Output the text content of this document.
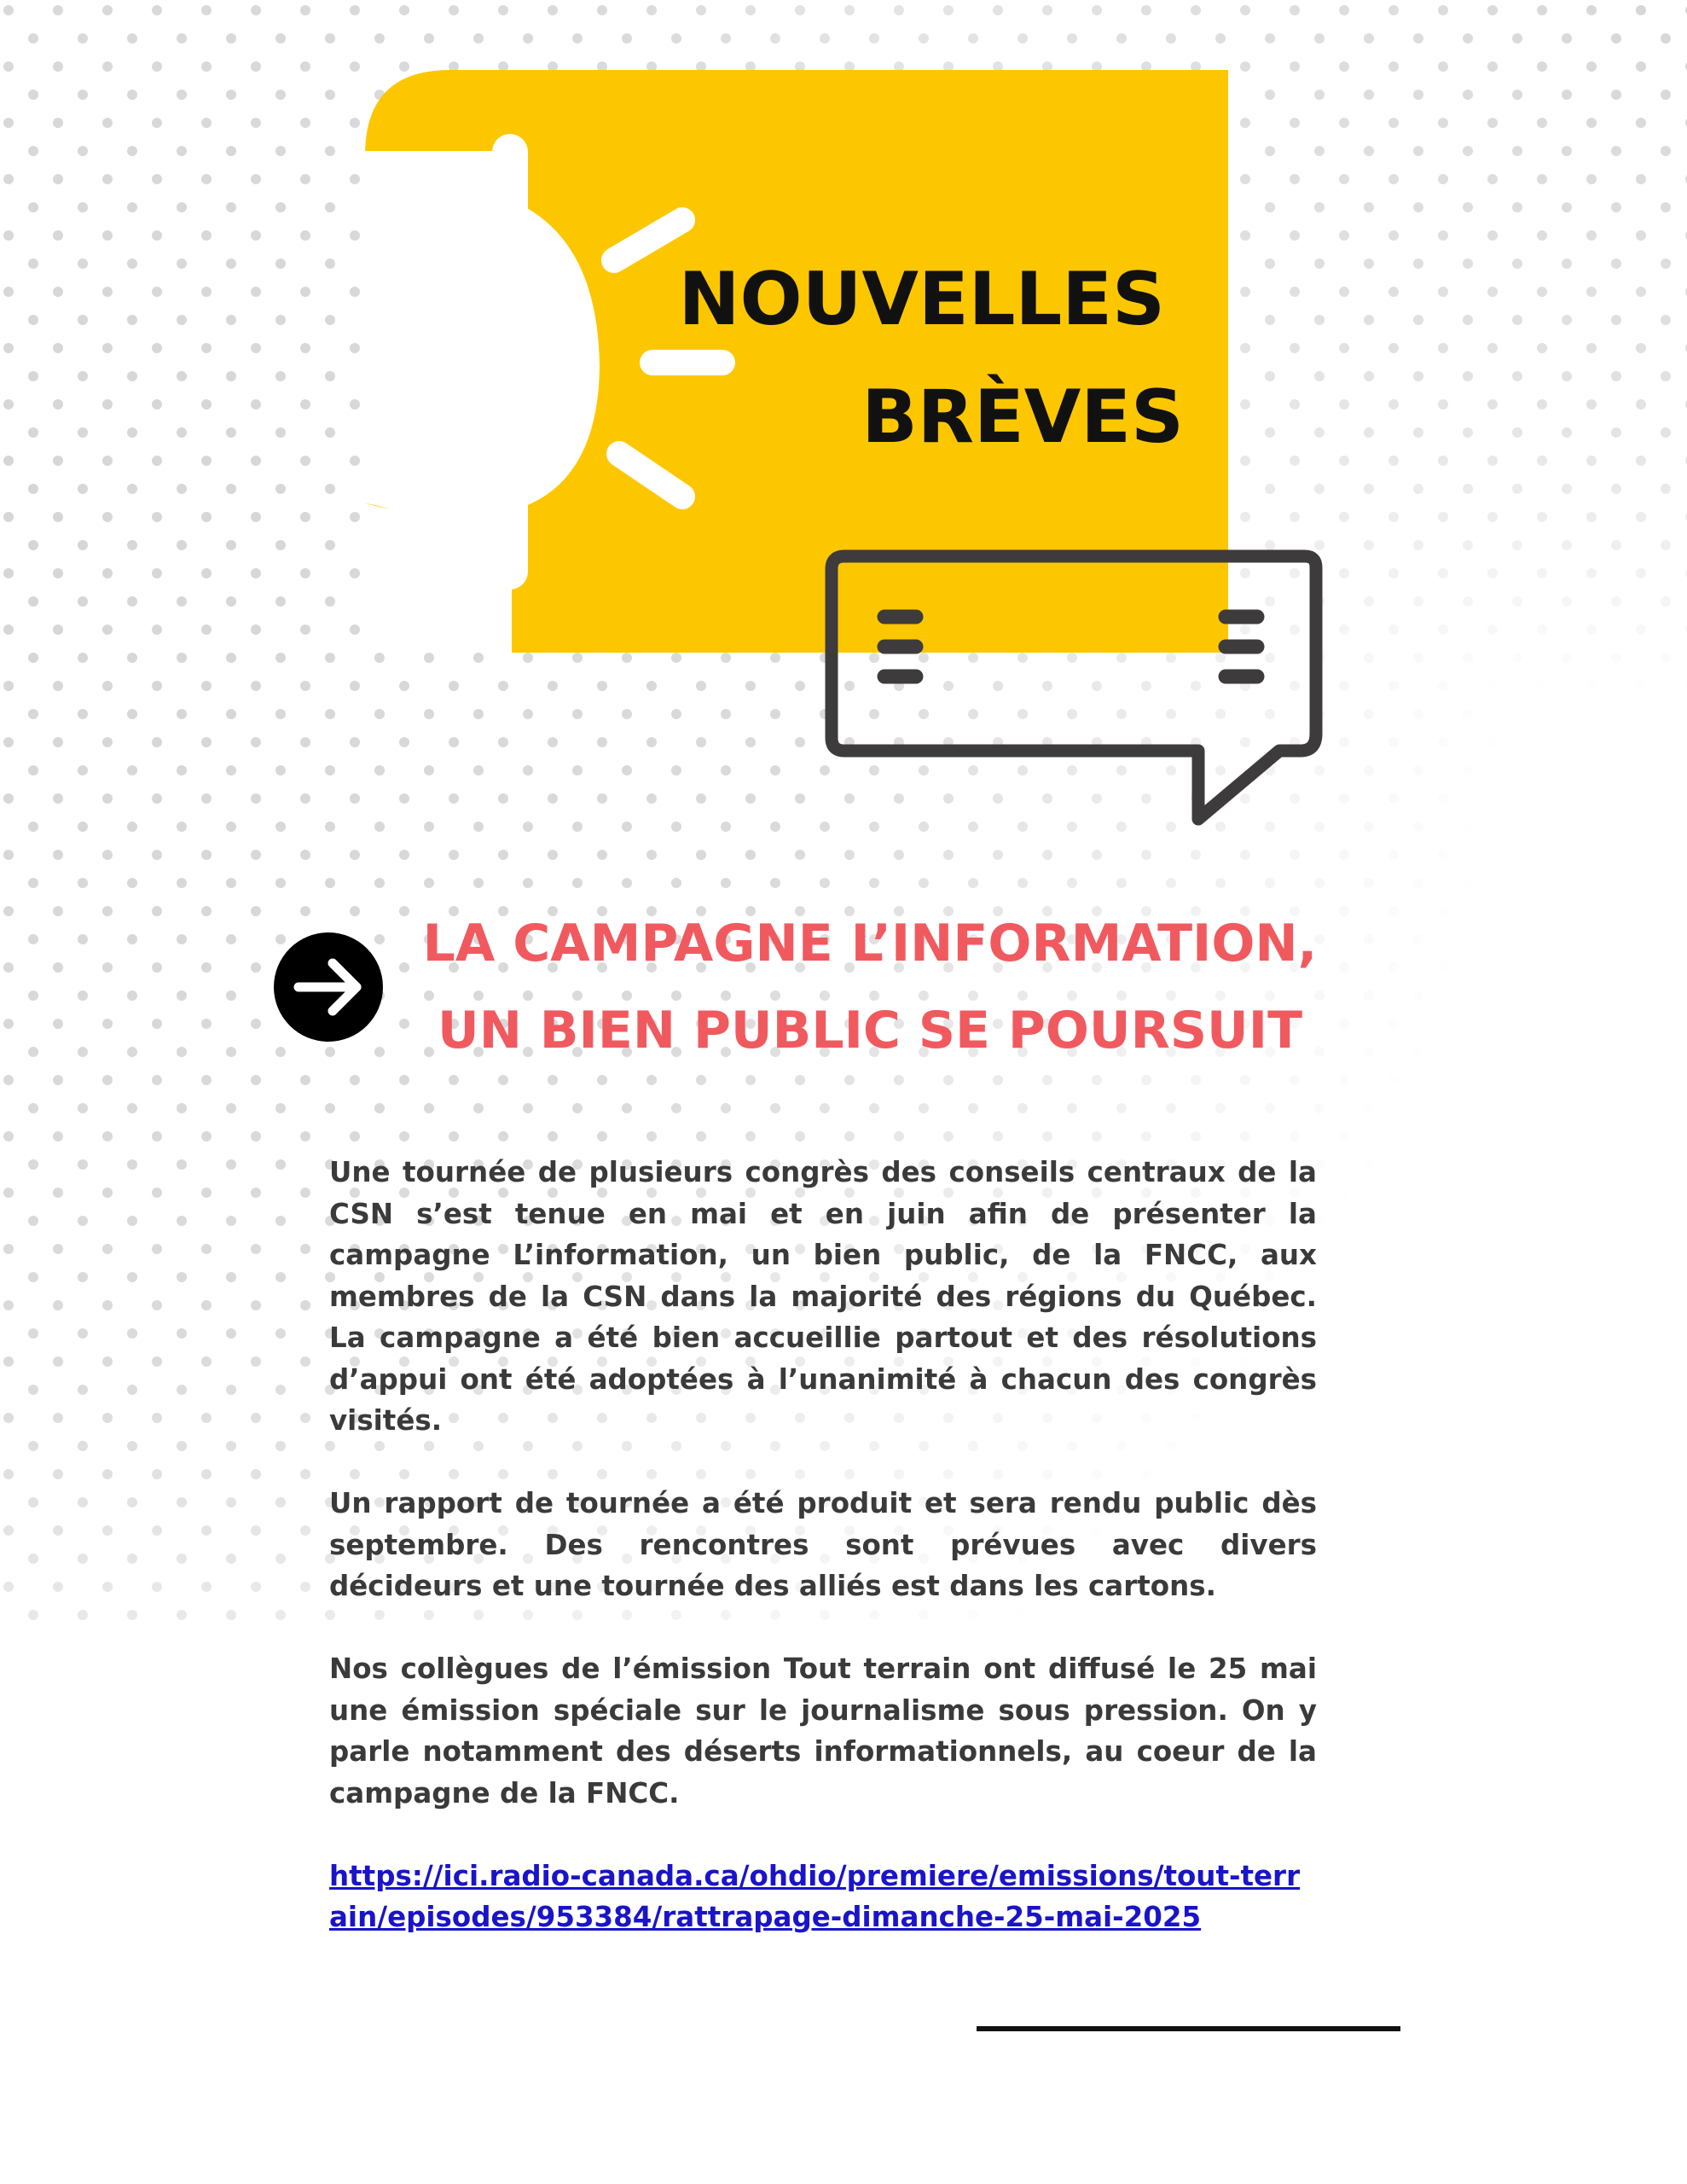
NOUVELLES
BRÈVES
LA CAMPAGNE L’INFORMATION, UN BIEN PUBLIC SE POURSUIT

Une tournée de plusieurs congrès des conseils centraux de la CSN s’est tenue en mai et en juin afin de présenter la campagne L’information, un bien public, de la FNCC, aux membres de la CSN dans la majorité des régions du Québec. La campagne a été bien accueillie partout et des résolutions d’appui ont été adoptées à l’unanimité à chacun des congrès visités.

Un rapport de tournée a été produit et sera rendu public dès septembre. Des rencontres sont prévues avec divers décideurs et une tournée des alliés est dans les cartons.

Nos collègues de l’émission Tout terrain ont diffusé le 25 mai une émission spéciale sur le journalisme sous pression. On y parle notamment des déserts informationnels, au coeur de la campagne de la FNCC.

https://ici.radio-canada.ca/ohdio/premiere/emissions/tout-terrain/episodes/953384/rattrapage-dimanche-25-mai-2025
